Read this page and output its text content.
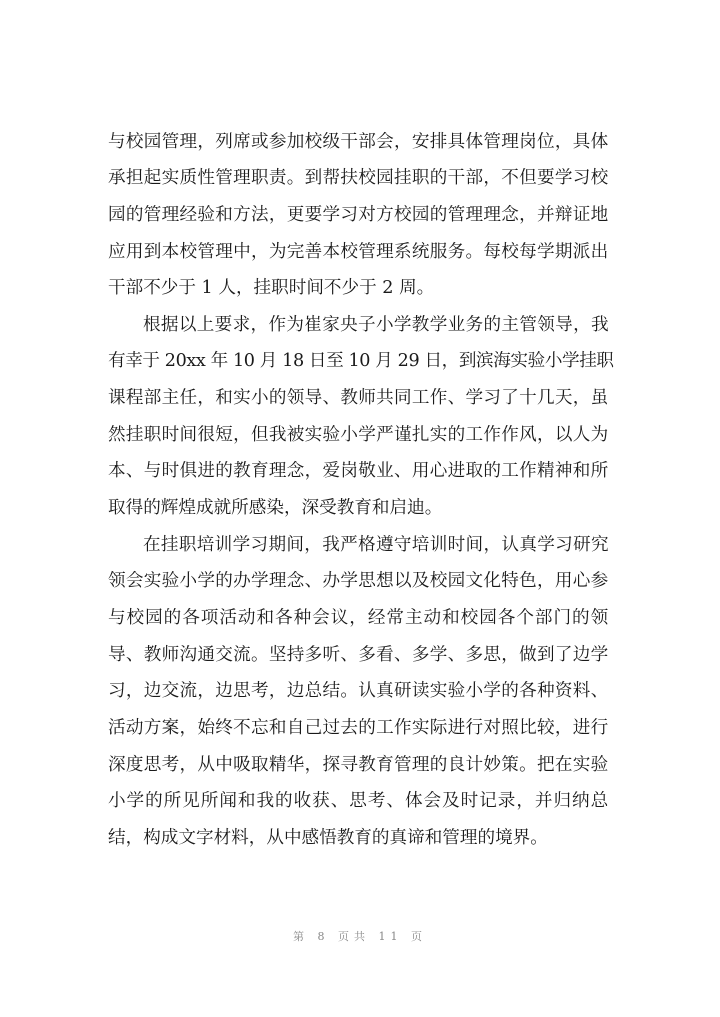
与校园管理，列席或参加校级干部会，安排具体管理岗位，具体
承担起实质性管理职责。到帮扶校园挂职的干部，不但要学习校
园的管理经验和方法，更要学习对方校园的管理理念，并辩证地
应用到本校管理中，为完善本校管理系统服务。每校每学期派出
干部不少于 1 人，挂职时间不少于 2 周。
根据以上要求，作为崔家央子小学教学业务的主管领导，我
有幸于 20xx 年 10 月 18 日至 10 月 29 日，到滨海实验小学挂职
课程部主任，和实小的领导、教师共同工作、学习了十几天，虽
然挂职时间很短，但我被实验小学严谨扎实的工作作风，以人为
本、与时俱进的教育理念，爱岗敬业、用心进取的工作精神和所
取得的辉煌成就所感染，深受教育和启迪。
在挂职培训学习期间，我严格遵守培训时间，认真学习研究
领会实验小学的办学理念、办学思想以及校园文化特色，用心参
与校园的各项活动和各种会议，经常主动和校园各个部门的领
导、教师沟通交流。坚持多听、多看、多学、多思，做到了边学
习，边交流，边思考，边总结。认真研读实验小学的各种资料、
活动方案，始终不忘和自己过去的工作实际进行对照比较，进行
深度思考，从中吸取精华，探寻教育管理的良计妙策。把在实验
小学的所见所闻和我的收获、思考、体会及时记录，并归纳总
结，构成文字材料，从中感悟教育的真谛和管理的境界。
第 8 页共 11 页
